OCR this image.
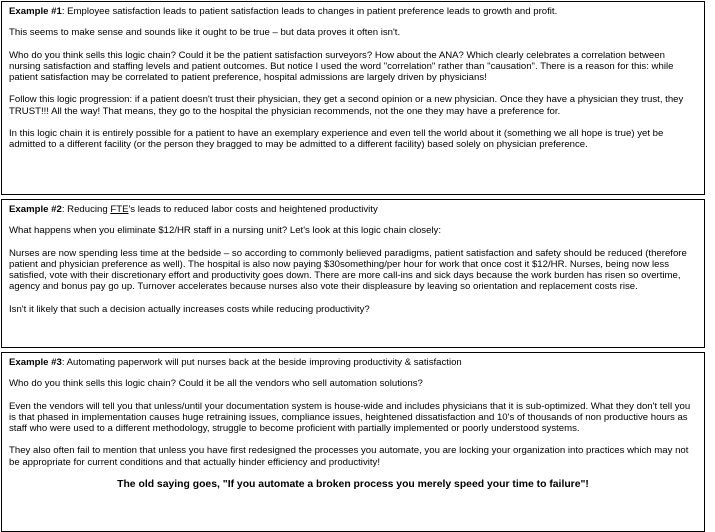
Example #1: Employee satisfaction leads to patient satisfaction leads to changes in patient preference leads to growth and profit.

This seems to make sense and sounds like it ought to be true – but data proves it often isn't.

Who do you think sells this logic chain? Could it be the patient satisfaction surveyors? How about the ANA? Which clearly celebrates a correlation between nursing satisfaction and staffing levels and patient outcomes. But notice I used the word "correlation" rather than "causation". There is a reason for this: while patient satisfaction may be correlated to patient preference, hospital admissions are largely driven by physicians!

Follow this logic progression: if a patient doesn't trust their physician, they get a second opinion or a new physician. Once they have a physician they trust, they TRUST!!! All the way! That means, they go to the hospital the physician recommends, not the one they may have a preference for.

In this logic chain it is entirely possible for a patient to have an exemplary experience and even tell the world about it (something we all hope is true) yet be admitted to a different facility (or the person they bragged to may be admitted to a different facility) based solely on physician preference.

Example #2: Reducing FTE's leads to reduced labor costs and heightened productivity

What happens when you eliminate $12/HR staff in a nursing unit? Let's look at this logic chain closely:

Nurses are now spending less time at the bedside – so according to commonly believed paradigms, patient satisfaction and safety should be reduced (therefore patient and physician preference as well). The hospital is also now paying $30something/per hour for work that once cost it $12/HR. Nurses, being now less satisfied, vote with their discretionary effort and productivity goes down. There are more call-ins and sick days because the work burden has risen so overtime, agency and bonus pay go up. Turnover accelerates because nurses also vote their displeasure by leaving so orientation and replacement costs rise.

Isn't it likely that such a decision actually increases costs while reducing productivity?

Example #3: Automating paperwork will put nurses back at the beside improving productivity & satisfaction

Who do you think sells this logic chain? Could it be all the vendors who sell automation solutions?

Even the vendors will tell you that unless/until your documentation system is house-wide and includes physicians that it is sub-optimized. What they don't tell you is that phased in implementation causes huge retraining issues, compliance issues, heightened dissatisfaction and 10's of thousands of non productive hours as staff who were used to a different methodology, struggle to become proficient with partially implemented or poorly understood systems.

They also often fail to mention that unless you have first redesigned the processes you automate, you are locking your organization into practices which may not be appropriate for current conditions and that actually hinder efficiency and productivity!

The old saying goes, "If you automate a broken process you merely speed your time to failure"!
